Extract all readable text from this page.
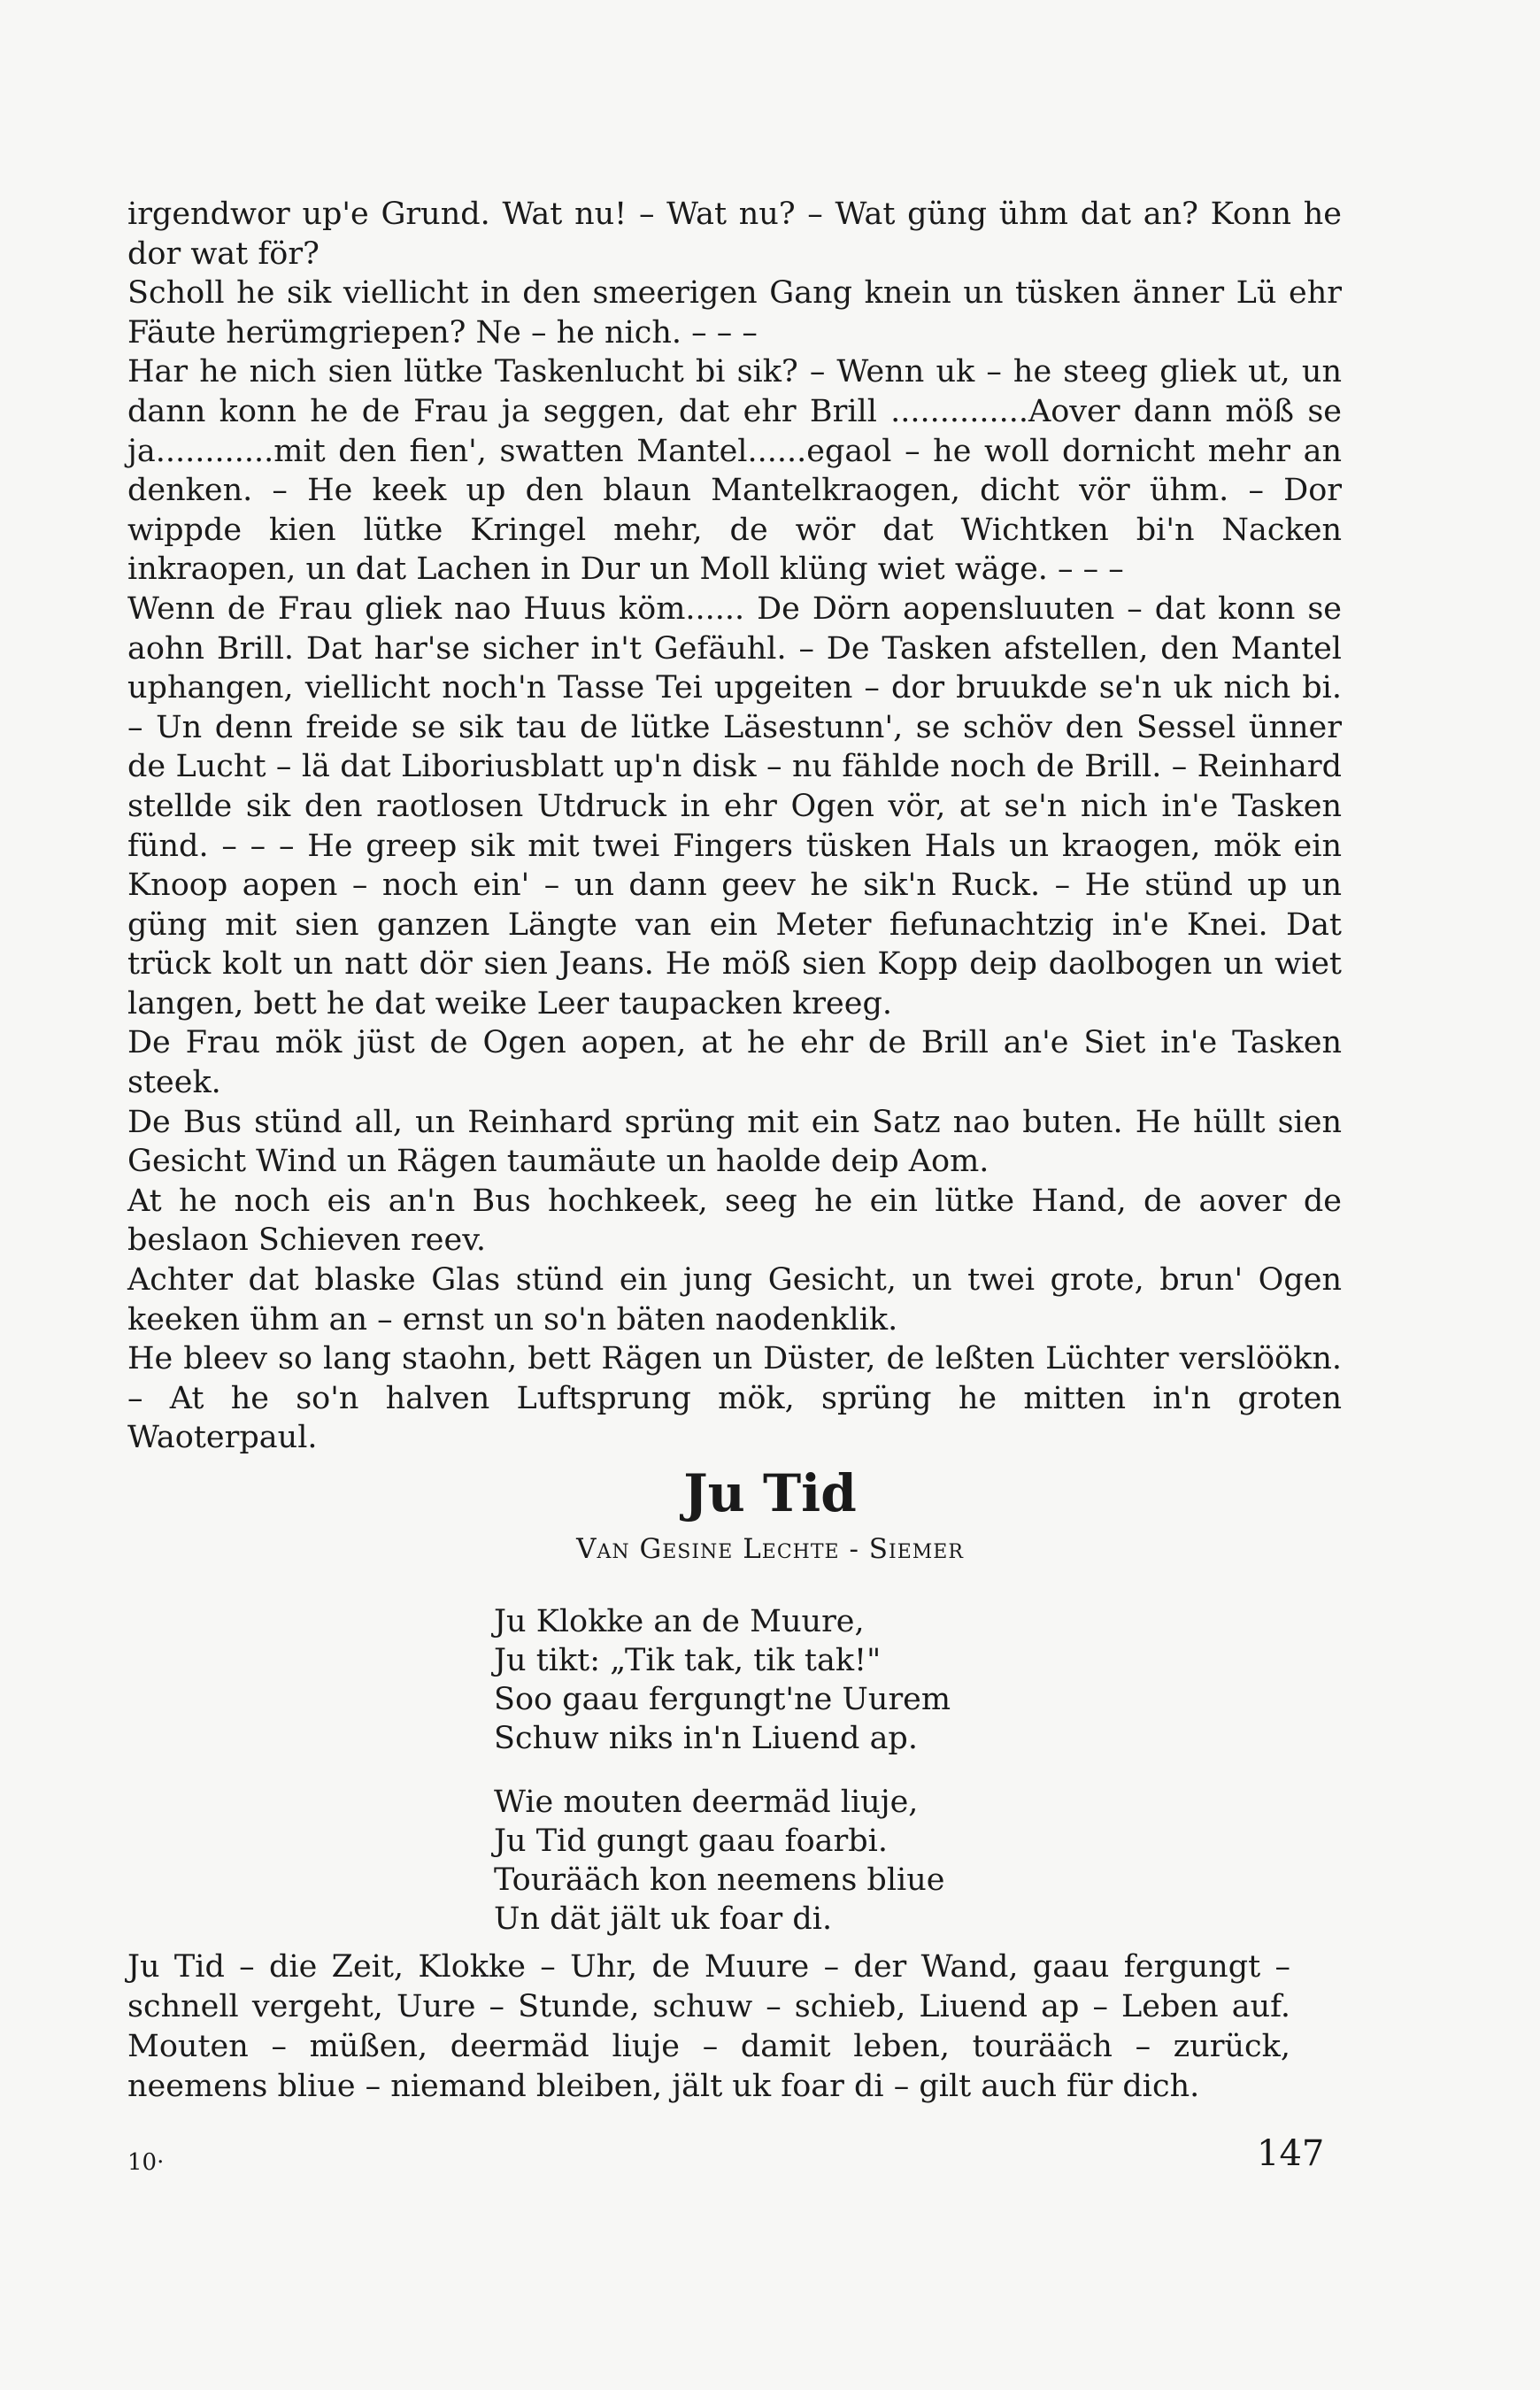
irgendwor up'e Grund. Wat nu! – Wat nu? – Wat güng ühm dat an? Konn he dor wat för?

Scholl he sik viellicht in den smeerigen Gang knein un tüsken änner Lü ehr Fäute herümgriepen? Ne – he nich. – – –

Har he nich sien lütke Taskenlucht bi sik? – Wenn uk – he steeg gliek ut, un dann konn he de Frau ja seggen, dat ehr Brill ..............Aover dann möß se ja............mit den fien', swatten Mantel......egaol – he woll dornicht mehr an denken. – He keek up den blaun Mantelkraogen, dicht vör ühm. – Dor wippde kien lütke Kringel mehr, de wör dat Wichtken bi'n Nacken inkraopen, un dat Lachen in Dur un Moll klüng wiet wäge. – – –

Wenn de Frau gliek nao Huus köm...... De Dörn aopensluuten – dat konn se aohn Brill. Dat har'se sicher in't Gefäuhl. – De Tasken afstellen, den Mantel uphangen, viellicht noch'n Tasse Tei upgeiten – dor bruukde se'n uk nich bi. – Un denn freide se sik tau de lütke Läsestunn', se schöv den Sessel ünner de Lucht – lä dat Liboriusblatt up'n disk – nu fählde noch de Brill. – Reinhard stellde sik den raotlosen Utdruck in ehr Ogen vör, at se'n nich in'e Tasken fünd. – – – He greep sik mit twei Fingers tüsken Hals un kraogen, mök ein Knoop aopen – noch ein' – un dann geev he sik'n Ruck. – He stünd up un güng mit sien ganzen Längte van ein Meter fiefunachtzig in'e Knei. Dat trück kolt un natt dör sien Jeans. He möß sien Kopp deip daolbogen un wiet langen, bett he dat weike Leer taupacken kreeg.

De Frau mök jüst de Ogen aopen, at he ehr de Brill an'e Siet in'e Tasken steek.

De Bus stünd all, un Reinhard sprüng mit ein Satz nao buten. He hüllt sien Gesicht Wind un Rägen taumäute un haolde deip Aom.

At he noch eis an'n Bus hochkeek, seeg he ein lütke Hand, de aover de beslaon Schieven reev.

Achter dat blaske Glas stünd ein jung Gesicht, un twei grote, brun' Ogen keeken ühm an – ernst un so'n bäten naodenklik.

He bleev so lang staohn, bett Rägen un Düster, de leßten Lüchter verslöökn. – At he so'n halven Luftsprung mök, sprüng he mitten in'n groten Waoterpaul.

Ju Tid
Van Gesine Lechte - Siemer
Ju Klokke an de Muure,
Ju tikt: „Tik tak, tik tak!"
Soo gaau fergungt'ne Uurem
Schuw niks in'n Liuend ap.
Wie mouten deermäd liuje,
Ju Tid gungt gaau foarbi.
Tourääch kon neemens bliue
Un dät jält uk foar di.

Ju Tid – die Zeit, Klokke – Uhr, de Muure – der Wand, gaau fergungt – schnell vergeht, Uure – Stunde, schuw – schieb, Liuend ap – Leben auf. Mouten – müßen, deermäd liuje – damit leben, tourääch – zurück, neemens bliue – niemand bleiben, jält uk foar di – gilt auch für dich.

10·	147
